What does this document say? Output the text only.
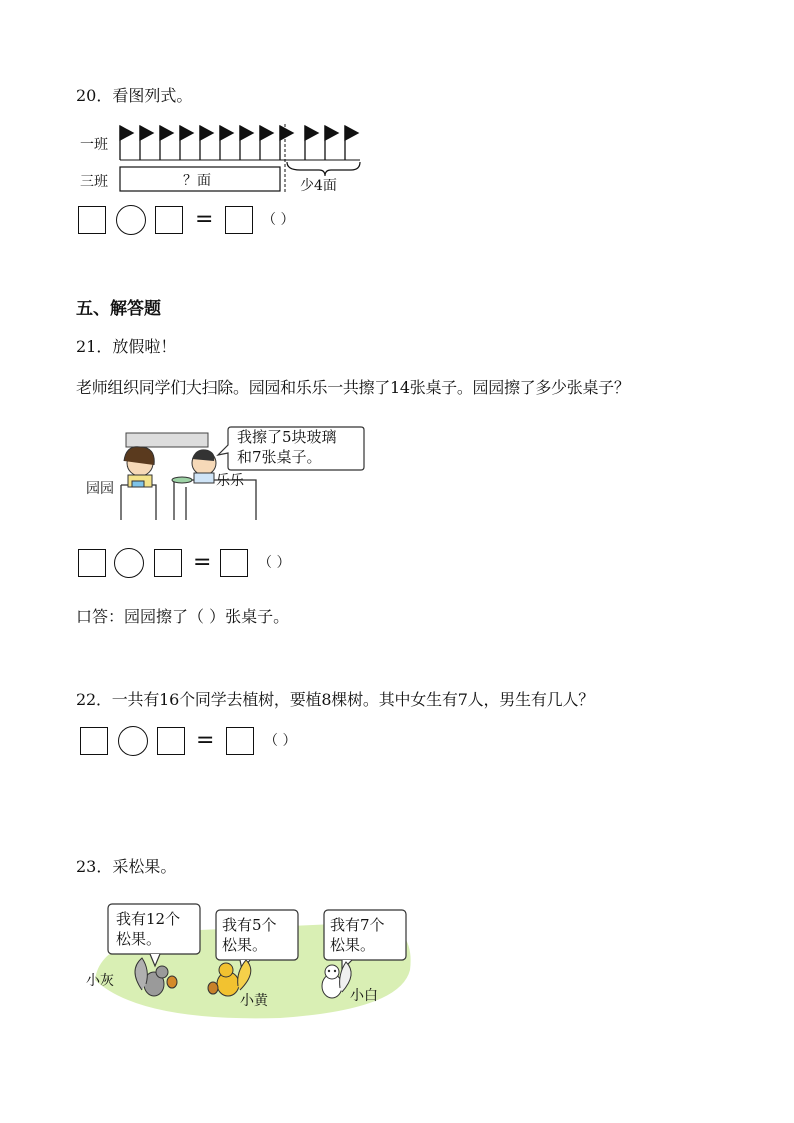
20．看图列式。
一班
三班	？面	少4面
=	（ ）
五、解答题
21．放假啦！
老师组织同学们大扫除。园园和乐乐一共擦了14张桌子。园园擦了多少张桌子？
我擦了5块玻璃
和7张桌子。
园园	乐乐
=	（ ）
口答：园园擦了（ ）张桌子。
22．一共有16个同学去植树，要植8棵树。其中女生有7人，男生有几人？
=	（ ）
23．采松果。
我有12个
松果。
我有5个
松果。
我有7个
松果。
小灰
小黄	小白
